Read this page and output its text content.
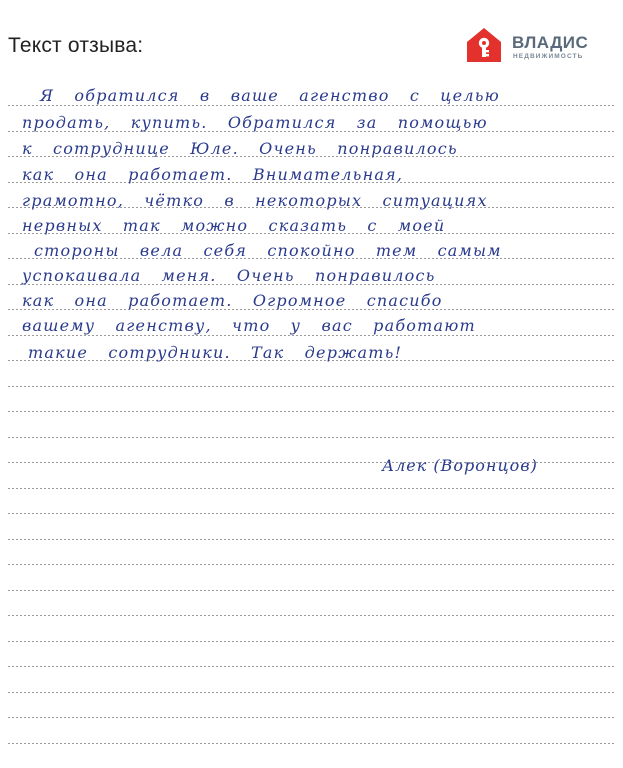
Текст отзыва:	ВЛАДИС
НЕДВИЖИМОСТЬ
Я обратился в ваше агенство с целью
продать, купить. Обратился за помощью
к сотруднице Юле. Очень понравилось
как она работает. Внимательная,
грамотно, чётко в некоторых ситуациях
нервных так можно сказать с моей
стороны вела себя спокойно тем самым
успокаивала меня. Очень понравилось
как она работает. Огромное спасибо
вашему агенству, что у вас работают
такие сотрудники. Так держать!
Алек (Воронцов)
